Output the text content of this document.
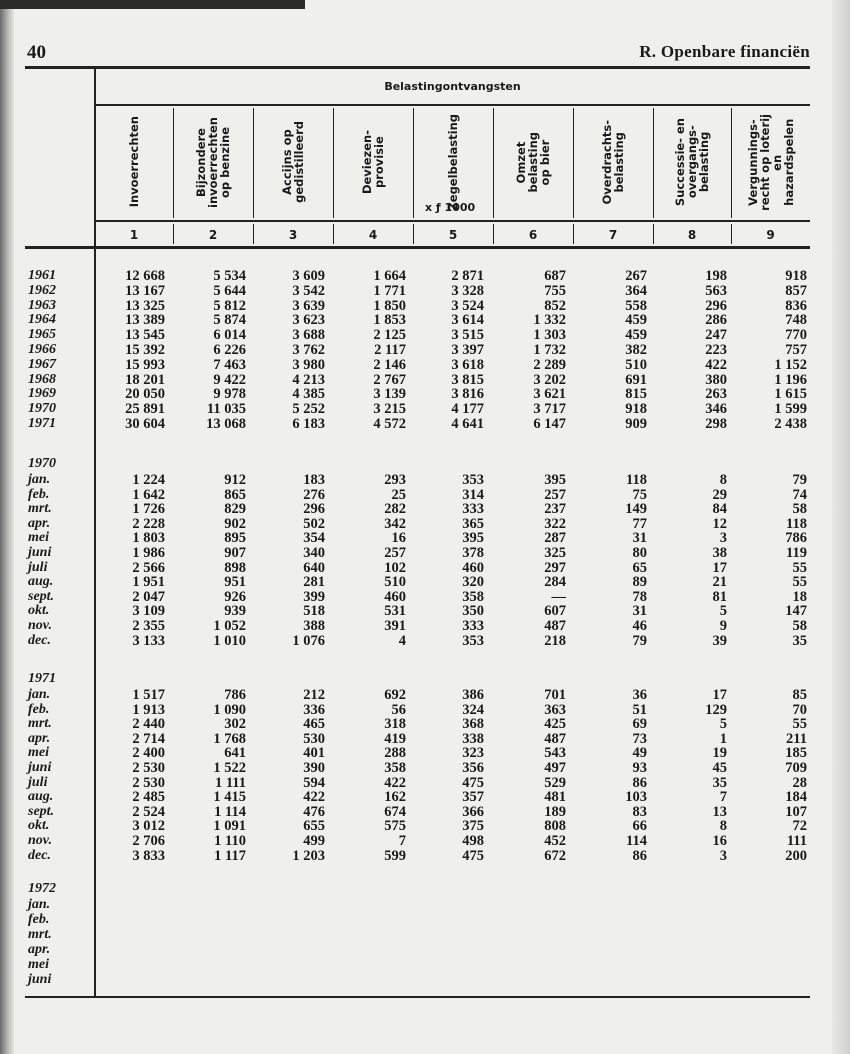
40	R. Openbare financiën
Belastingontvangsten
x ƒ 1000
Invoerrechten
1
Bijzondere
invoerrechten
op benzine
2
Accijns op
gedistilleerd
3
Deviezen-
provisie
4
Zegelbelasting
5
Omzet
belasting
op bier
6
Overdrachts-
belasting
7
Successie- en
overgangs-
belasting
8
Vergunnings-
recht op loterij
en
hazardspelen
9
1961	12 668	5 534	3 609	1 664	2 871	687	267	198	918
1962	13 167	5 644	3 542	1 771	3 328	755	364	563	857
1963	13 325	5 812	3 639	1 850	3 524	852	558	296	836
1964	13 389	5 874	3 623	1 853	3 614	1 332	459	286	748
1965	13 545	6 014	3 688	2 125	3 515	1 303	459	247	770
1966	15 392	6 226	3 762	2 117	3 397	1 732	382	223	757
1967	15 993	7 463	3 980	2 146	3 618	2 289	510	422	1 152
1968	18 201	9 422	4 213	2 767	3 815	3 202	691	380	1 196
1969	20 050	9 978	4 385	3 139	3 816	3 621	815	263	1 615
1970	25 891	11 035	5 252	3 215	4 177	3 717	918	346	1 599
1971	30 604	13 068	6 183	4 572	4 641	6 147	909	298	2 438
1970
jan.	1 224	912	183	293	353	395	118	8	79
feb.	1 642	865	276	25	314	257	75	29	74
mrt.	1 726	829	296	282	333	237	149	84	58
apr.	2 228	902	502	342	365	322	77	12	118
mei	1 803	895	354	16	395	287	31	3	786
juni	1 986	907	340	257	378	325	80	38	119
juli	2 566	898	640	102	460	297	65	17	55
aug.	1 951	951	281	510	320	284	89	21	55
sept.	2 047	926	399	460	358	—	78	81	18
okt.	3 109	939	518	531	350	607	31	5	147
nov.	2 355	1 052	388	391	333	487	46	9	58
dec.	3 133	1 010	1 076	4	353	218	79	39	35
1971
jan.	1 517	786	212	692	386	701	36	17	85
feb.	1 913	1 090	336	56	324	363	51	129	70
mrt.	2 440	302	465	318	368	425	69	5	55
apr.	2 714	1 768	530	419	338	487	73	1	211
mei	2 400	641	401	288	323	543	49	19	185
juni	2 530	1 522	390	358	356	497	93	45	709
juli	2 530	1 111	594	422	475	529	86	35	28
aug.	2 485	1 415	422	162	357	481	103	7	184
sept.	2 524	1 114	476	674	366	189	83	13	107
okt.	3 012	1 091	655	575	375	808	66	8	72
nov.	2 706	1 110	499	7	498	452	114	16	111
dec.	3 833	1 117	1 203	599	475	672	86	3	200
1972
jan.
feb.
mrt.
apr.
mei
juni
